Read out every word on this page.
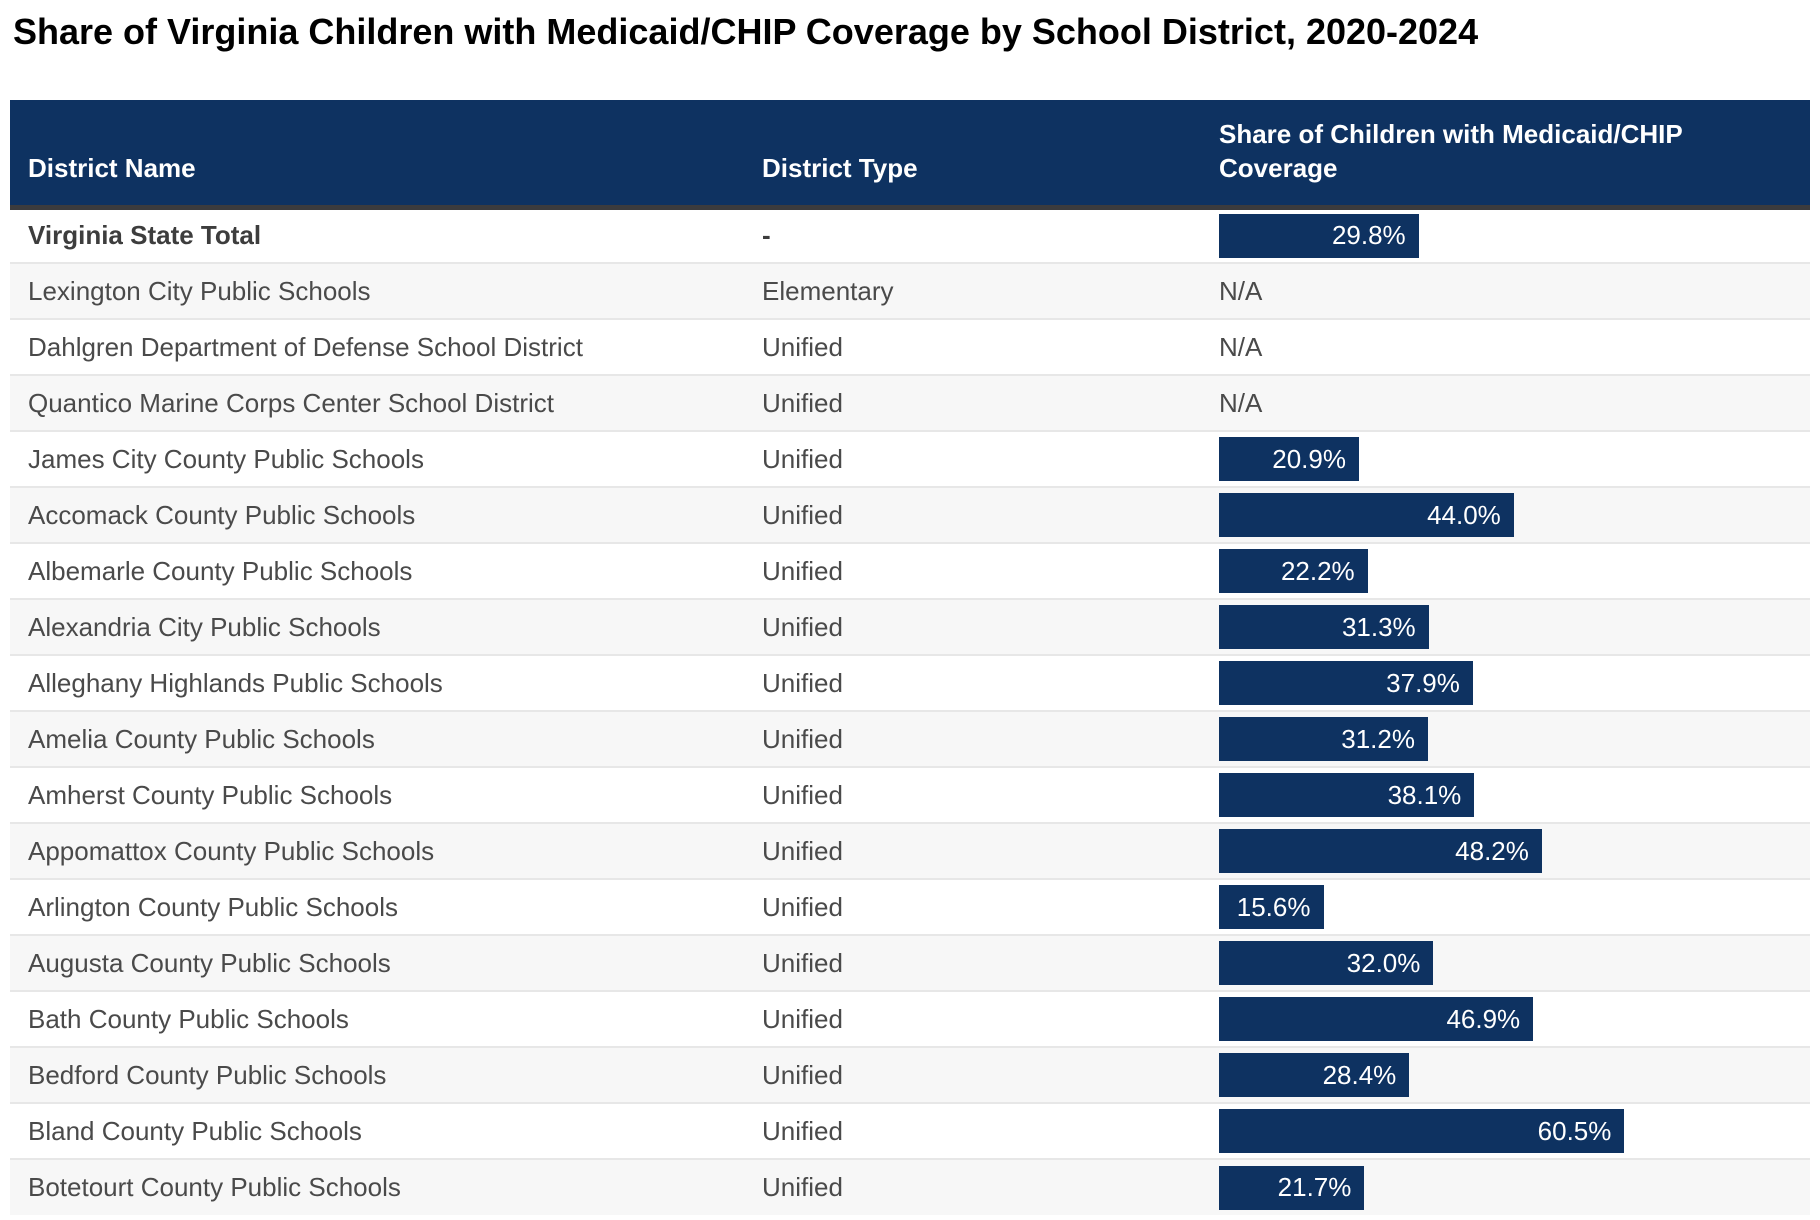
Share of Virginia Children with Medicaid/CHIP Coverage by School District, 2020-2024
District Name	District Type	Share of Children with Medicaid/CHIP Coverage
Virginia State Total	-	29.8%

Lexington City Public Schools	Elementary	N/A
Dahlgren Department of Defense School District	Unified	N/A
Quantico Marine Corps Center School District	Unified	N/A
James City County Public Schools	Unified	20.9%

Accomack County Public Schools	Unified	44.0%

Albemarle County Public Schools	Unified	22.2%

Alexandria City Public Schools	Unified	31.3%

Alleghany Highlands Public Schools	Unified	37.9%

Amelia County Public Schools	Unified	31.2%

Amherst County Public Schools	Unified	38.1%

Appomattox County Public Schools	Unified	48.2%

Arlington County Public Schools	Unified	15.6%

Augusta County Public Schools	Unified	32.0%

Bath County Public Schools	Unified	46.9%

Bedford County Public Schools	Unified	28.4%

Bland County Public Schools	Unified	60.5%

Botetourt County Public Schools	Unified	21.7%
